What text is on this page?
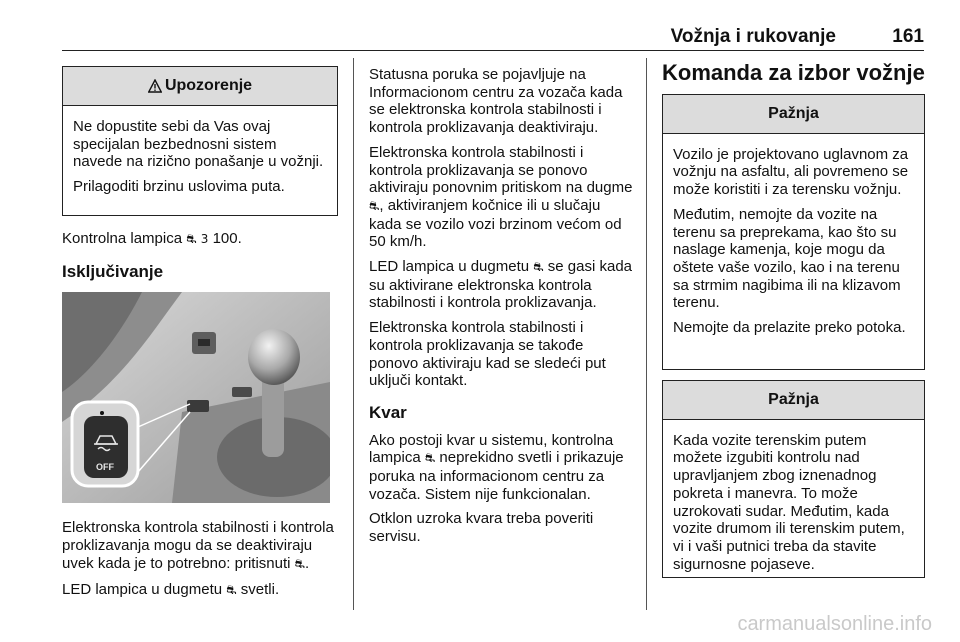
Vožnja i rukovanje	161
Upozorenje

Ne dopustite sebi da Vas ovaj specijalan bezbednosni sistem navede na rizično ponašanje u vožnji.

Prilagoditi brzinu uslovima puta.

Kontrolna lampica ⛐ 3 100.

Isključivanje
OFF

Elektronska kontrola stabilnosti i kontrola proklizavanja mogu da se deaktiviraju uvek kada je to potrebno: pritisnuti ⛐.

LED lampica u dugmetu ⛐ svetli.

Statusna poruka se pojavljuje na Informacionom centru za vozača kada se elektronska kontrola stabilnosti i kontrola proklizavanja deaktiviraju.

Elektronska kontrola stabilnosti i kontrola proklizavanja se ponovo aktiviraju ponovnim pritiskom na dugme ⛐, aktiviranjem kočnice ili u slučaju kada se vozilo vozi brzinom većom od 50 km/h.

LED lampica u dugmetu ⛐ se gasi kada su aktivirane elektronska kontrola stabilnosti i kontrola proklizavanja.

Elektronska kontrola stabilnosti i kontrola proklizavanja se takođe ponovo aktiviraju kad se sledeći put uključi kontakt.

Kvar

Ako postoji kvar u sistemu, kontrolna lampica ⛐ neprekidno svetli i prikazuje poruka na informacionom centru za vozača. Sistem nije funkcionalan.

Otklon uzroka kvara treba poveriti servisu.

Komanda za izbor vožnje
Pažnja

Vozilo je projektovano uglavnom za vožnju na asfaltu, ali povremeno se može koristiti i za terensku vožnju.

Međutim, nemojte da vozite na terenu sa preprekama, kao što su naslage kamenja, koje mogu da oštete vaše vozilo, kao i na terenu sa strmim nagibima ili na klizavom terenu.

Nemojte da prelazite preko potoka.

Pažnja

Kada vozite terenskim putem možete izgubiti kontrolu nad upravljanjem zbog iznenadnog pokreta i manevra. To može uzrokovati sudar. Međutim, kada vozite drumom ili terenskim putem, vi i vaši putnici treba da stavite sigurnosne pojaseve.

carmanualsonline.info
